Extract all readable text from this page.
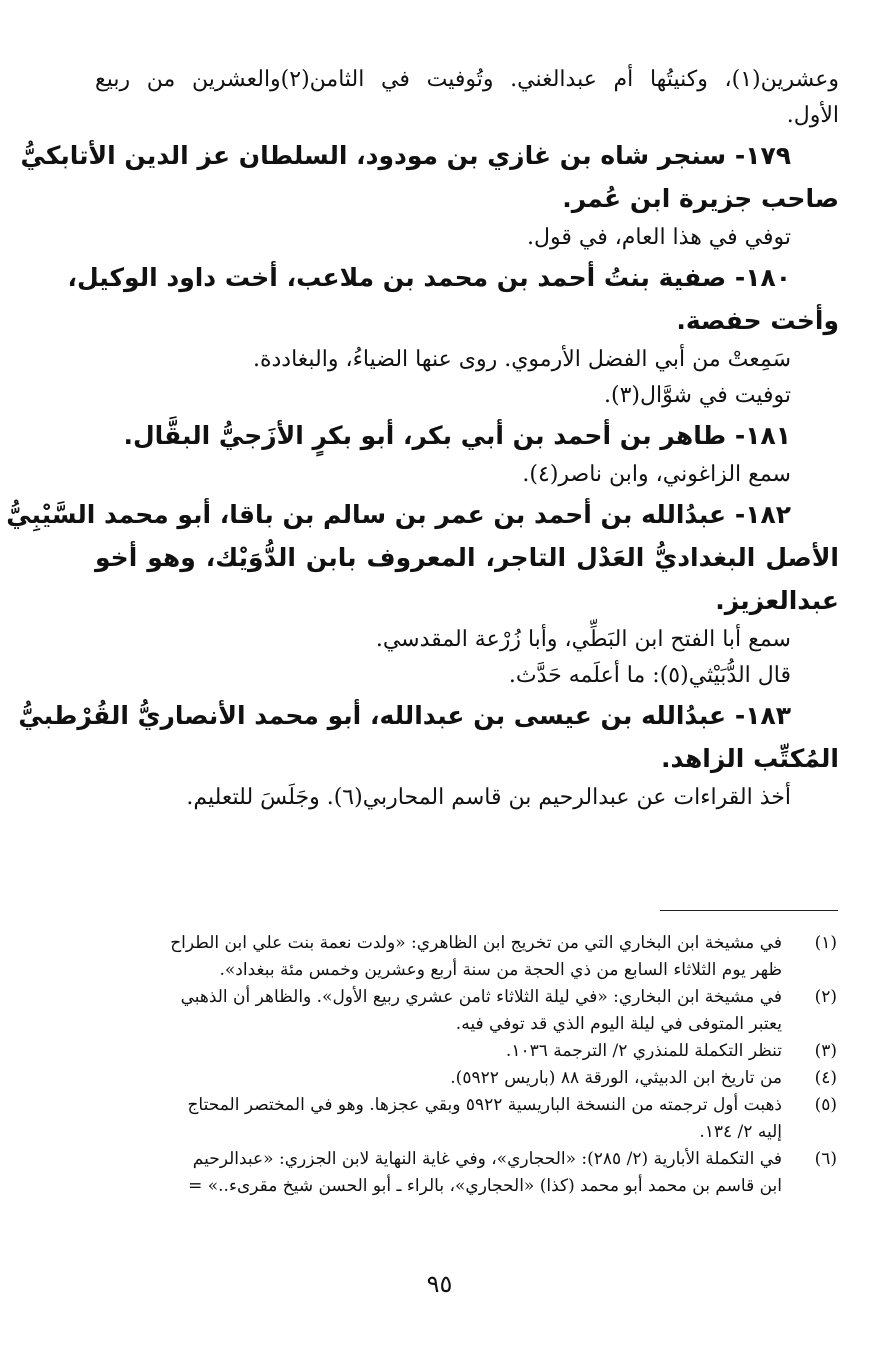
وعشرين(١)، وكنيتُها أم عبدالغني. وتُوفيت في الثامن(٢)والعشرين من ربيع

الأول.

١٧٩- سنجر شاه بن غازي بن مودود، السلطان عز الدين الأتابكيُّ

صاحب جزيرة ابن عُمر.

توفي في هذا العام، في قول.

١٨٠- صفية بنتُ أحمد بن محمد بن ملاعب، أخت داود الوكيل،

وأخت حفصة.

سَمِعتْ من أبي الفضل الأرموي. روى عنها الضياءُ، والبغاددة.

توفيت في شوَّال(٣).

١٨١- طاهر بن أحمد بن أبي بكر، أبو بكرٍ الأزَجيُّ البقَّال.

سمع الزاغوني، وابن ناصر(٤).

١٨٢- عبدُالله بن أحمد بن عمر بن سالم بن باقا، أبو محمد السَّيْبِيُّ

الأصل البغداديُّ العَدْل التاجر، المعروف بابن الدُّوَيْك، وهو أخو

عبدالعزيز.

سمع أبا الفتح ابن البَطِّي، وأبا زُرْعة المقدسي.

قال الدُّبَيْثي(٥): ما أعلَمه حَدَّث.

١٨٣- عبدُالله بن عيسى بن عبدالله، أبو محمد الأنصاريُّ القُرْطبيُّ

المُكتِّب الزاهد.

أخذ القراءات عن عبدالرحيم بن قاسم المحاربي(٦). وجَلَسَ للتعليم.

(١)
في مشيخة ابن البخاري التي من تخريج ابن الظاهري: «ولدت نعمة بنت علي ابن الطراح
ظهر يوم الثلاثاء السابع من ذي الحجة من سنة أربع وعشرين وخمس مئة ببغداد».
(٢)
في مشيخة ابن البخاري: «في ليلة الثلاثاء ثامن عشري ربيع الأول». والظاهر أن الذهبي
يعتبر المتوفى في ليلة اليوم الذي قد توفي فيه.
(٣)
تنظر التكملة للمنذري ٢/ الترجمة ١٠٣٦.
(٤)
من تاريخ ابن الدبيثي، الورقة ٨٨ (باريس ٥٩٢٢).
(٥)
ذهبت أول ترجمته من النسخة الباريسية ٥٩٢٢ وبقي عجزها. وهو في المختصر المحتاج
إليه ٢/ ١٣٤.
(٦)
في التكملة الأبارية (٢/ ٢٨٥): «الحجاري»، وفي غاية النهاية لابن الجزري: «عبدالرحيم
ابن قاسم بن محمد أبو محمد (كذا) «الحجاري»، بالراء ـ أبو الحسن شيخ مقرىء..» =
٩٥
